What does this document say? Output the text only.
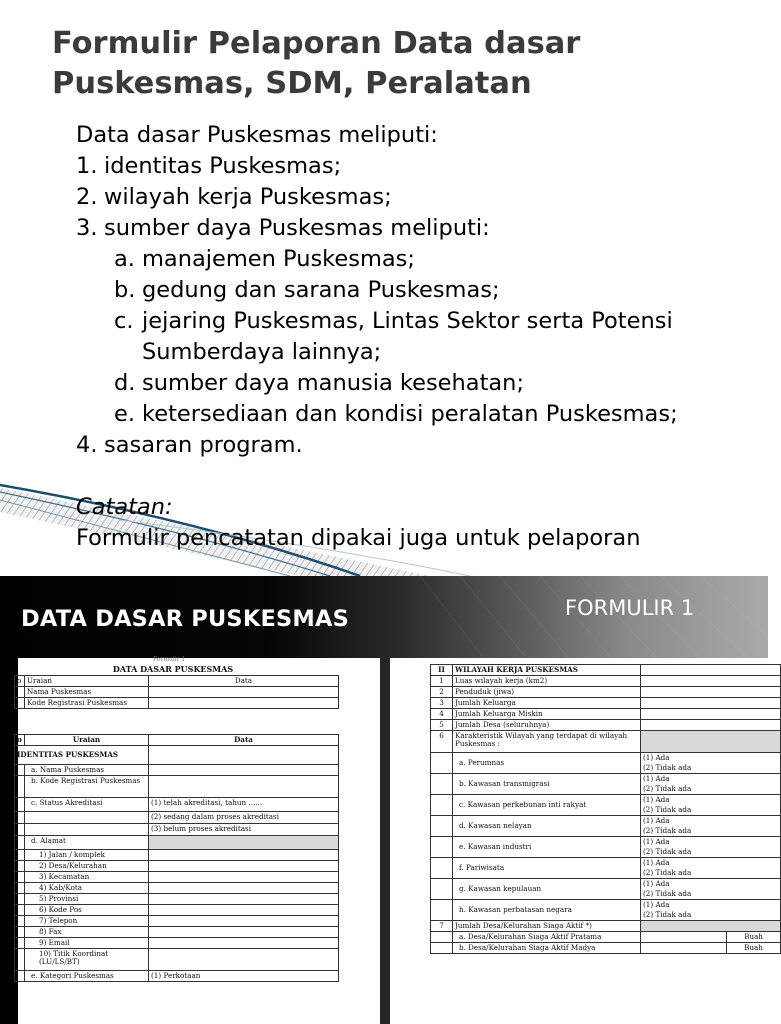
Formulir Pelaporan Data dasar Puskesmas, SDM, Peralatan
Data dasar Puskesmas meliputi:
1. identitas Puskesmas;
2. wilayah kerja Puskesmas;
3. sumber daya Puskesmas meliputi:
a. manajemen Puskesmas;
b. gedung dan sarana Puskesmas;
c. jejaring Puskesmas, Lintas Sektor serta Potensi
Sumberdaya lainnya;
d. sumber daya manusia kesehatan;
e. ketersediaan dan kondisi peralatan Puskesmas;
4. sasaran program.
Catatan:
Formulir pencatatan dipakai juga untuk pelaporan
DATA DASAR PUSKESMAS	FORMULIR 1
Formulir 1
DATA DASAR PUSKESMAS
o	Uraian	Data
	Nama Puskesmas	
	Kode Registrasi Puskesmas	
o	Uraian	Data
IDENTITAS PUSKESMAS		
	a. Nama Puskesmas	
	b. Kode Registrasi Puskesmas	
	c. Status Akreditasi	(1) telah akreditasi, tahun ......
		(2) sedang dalam proses akreditasi
		(3) belum proses akreditasi
	d. Alamat	
	1) Jalan / komplek	
	2) Desa/Kelurahan	
	3) Kecamatan	
	4) Kab/Kota	
	5) Provinsi	
	6) Kode Pos	
	7) Telepon	
	8) Fax	
	9) Email	
	10) Titik Koordinat (LU/LS/BT)	
	e. Kategori Puskesmas	(1) Perkotaan
II	WILAYAH KERJA PUSKESMAS		
1	Luas wilayah kerja (km2)		
2	Penduduk (jiwa)		
3	Jumlah Keluarga		
4	Jumlah Keluarga Miskin		
5	Jumlah Desa (seluruhnya)		
6	Karakteristik Wilayah yang terdapat di wilayah Puskesmas :		
	a. Perumnas	(1) Ada	
		(2) Tidak ada	
	b. Kawasan transmigrasi	(1) Ada	
		(2) Tidak ada	
	c. Kawasan perkebunan inti rakyat	(1) Ada	
		(2) Tidak ada	
	d. Kawasan nelayan	(1) Ada	
		(2) Tidak ada	
	e. Kawasan industri	(1) Ada	
		(2) Tidak ada	
	f. Pariwisata	(1) Ada	
		(2) Tidak ada	
	g. Kawasan kepulauan	(1) Ada	
		(2) Tidak ada	
	h. Kawasan perbatasan negara	(1) Ada	
		(2) Tidak ada	
7	Jumlah Desa/Kelurahan Siaga Aktif *)		
	a. Desa/Kelurahan Siaga Aktif Pratama		Buah
	b. Desa/Kelurahan Siaga Aktif Madya		Buah
